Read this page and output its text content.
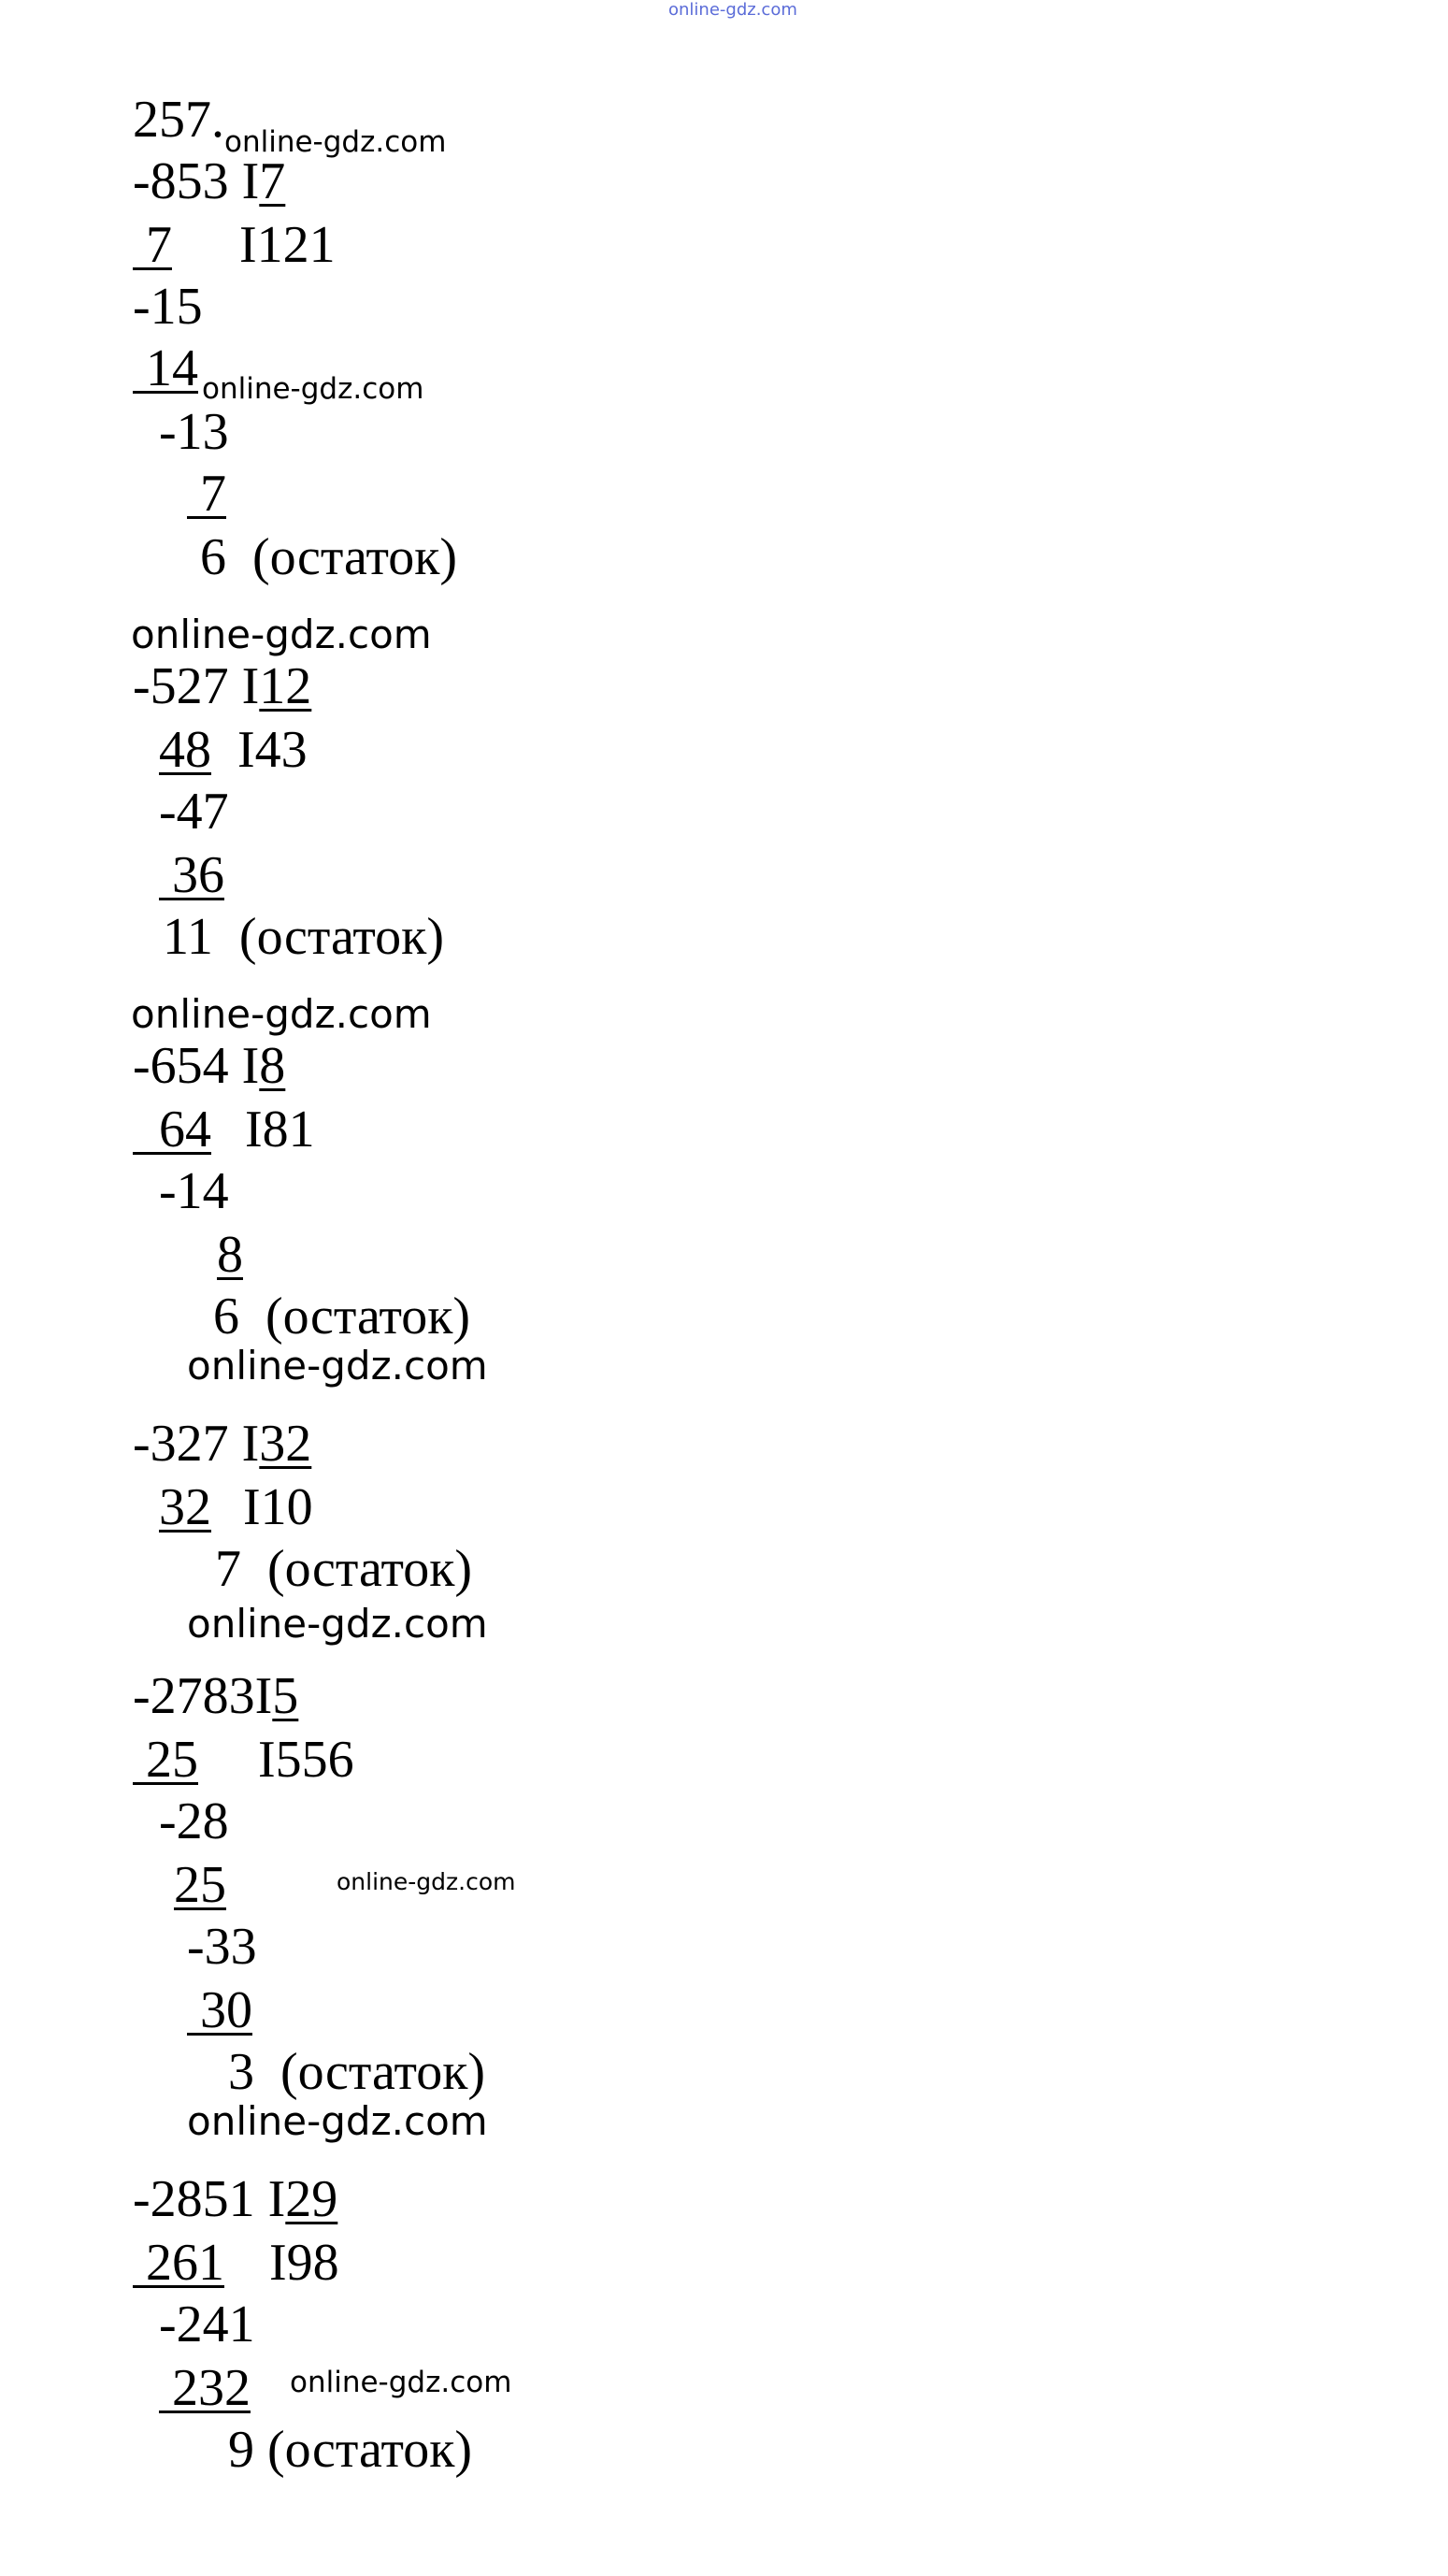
online-gdz.com
257. online-gdz.com
-853 I7
7 I121
-15
14 online-gdz.com
-13
7
6  (остаток)
online-gdz.com
-527 I12
48 I43
-47
36
11  (остаток)
online-gdz.com
-654 I8
64 I81
-14
8
6  (остаток)
online-gdz.com
-327 I32
32 I10
7  (остаток)
online-gdz.com
-2783I5
25 I556
-28
25	online-gdz.com
-33
30
3  (остаток)
online-gdz.com
-2851 I29
261 I98
-241
232 online-gdz.com
9 (остаток)
